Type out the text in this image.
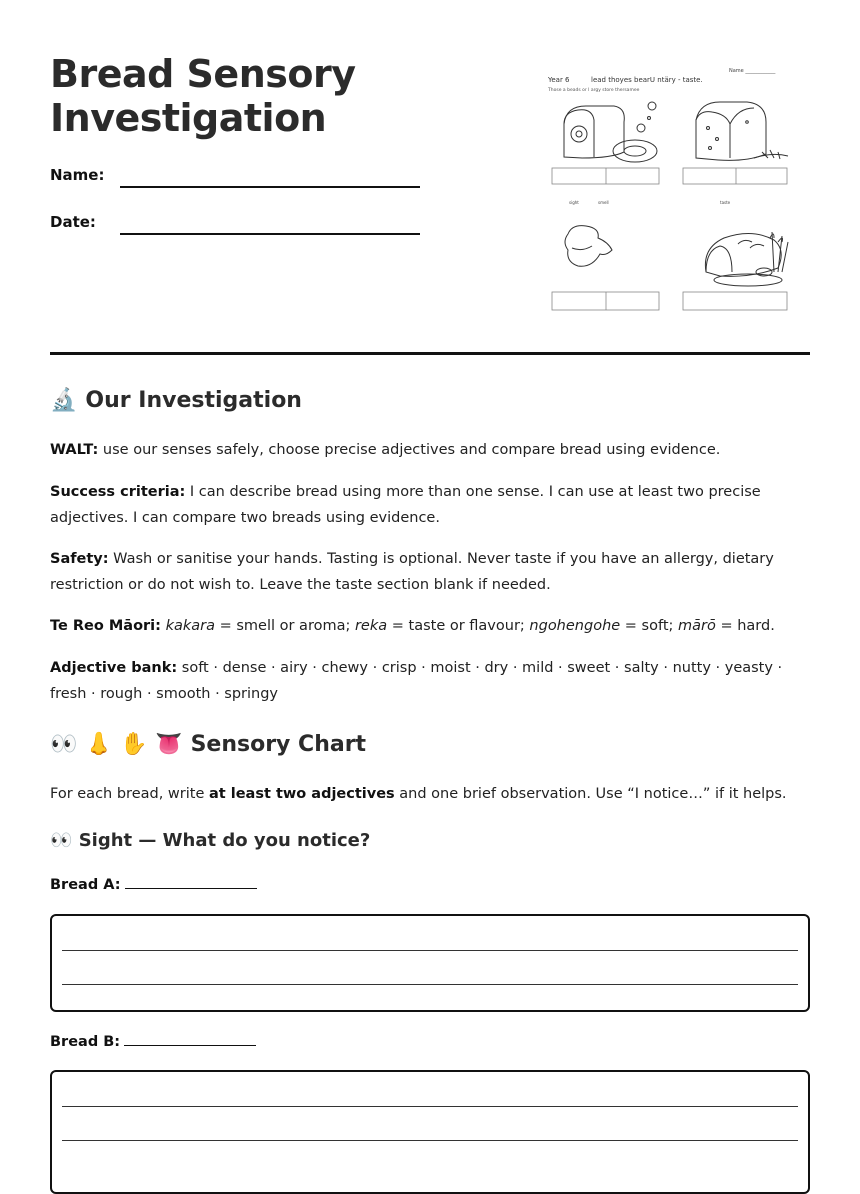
Bread Sensory
Investigation
Name:
Date:
Name ____________
Year 6	lead thoyes bearU ntäry - taste.
Those a beads or l argy store thersamee
sight	smell	taste
🔬 Our Investigation

WALT: use our senses safely, choose precise adjectives and compare bread using evidence.

Success criteria: I can describe bread using more than one sense. I can use at least two precise adjectives. I can compare two breads using evidence.

Safety: Wash or sanitise your hands. Tasting is optional. Never taste if you have an allergy, dietary restriction or do not wish to. Leave the taste section blank if needed.

Te Reo Māori: kakara = smell or aroma; reka = taste or flavour; ngohengohe = soft; mārō = hard.

Adjective bank: soft · dense · airy · chewy · crisp · moist · dry · mild · sweet · salty · nutty · yeasty · fresh · rough · smooth · springy

👀 👃 ✋ 👅 Sensory Chart

For each bread, write at least two adjectives and one brief observation. Use “I notice…” if it helps.

👀 Sight — What do you notice?
Bread A:
Bread B:
